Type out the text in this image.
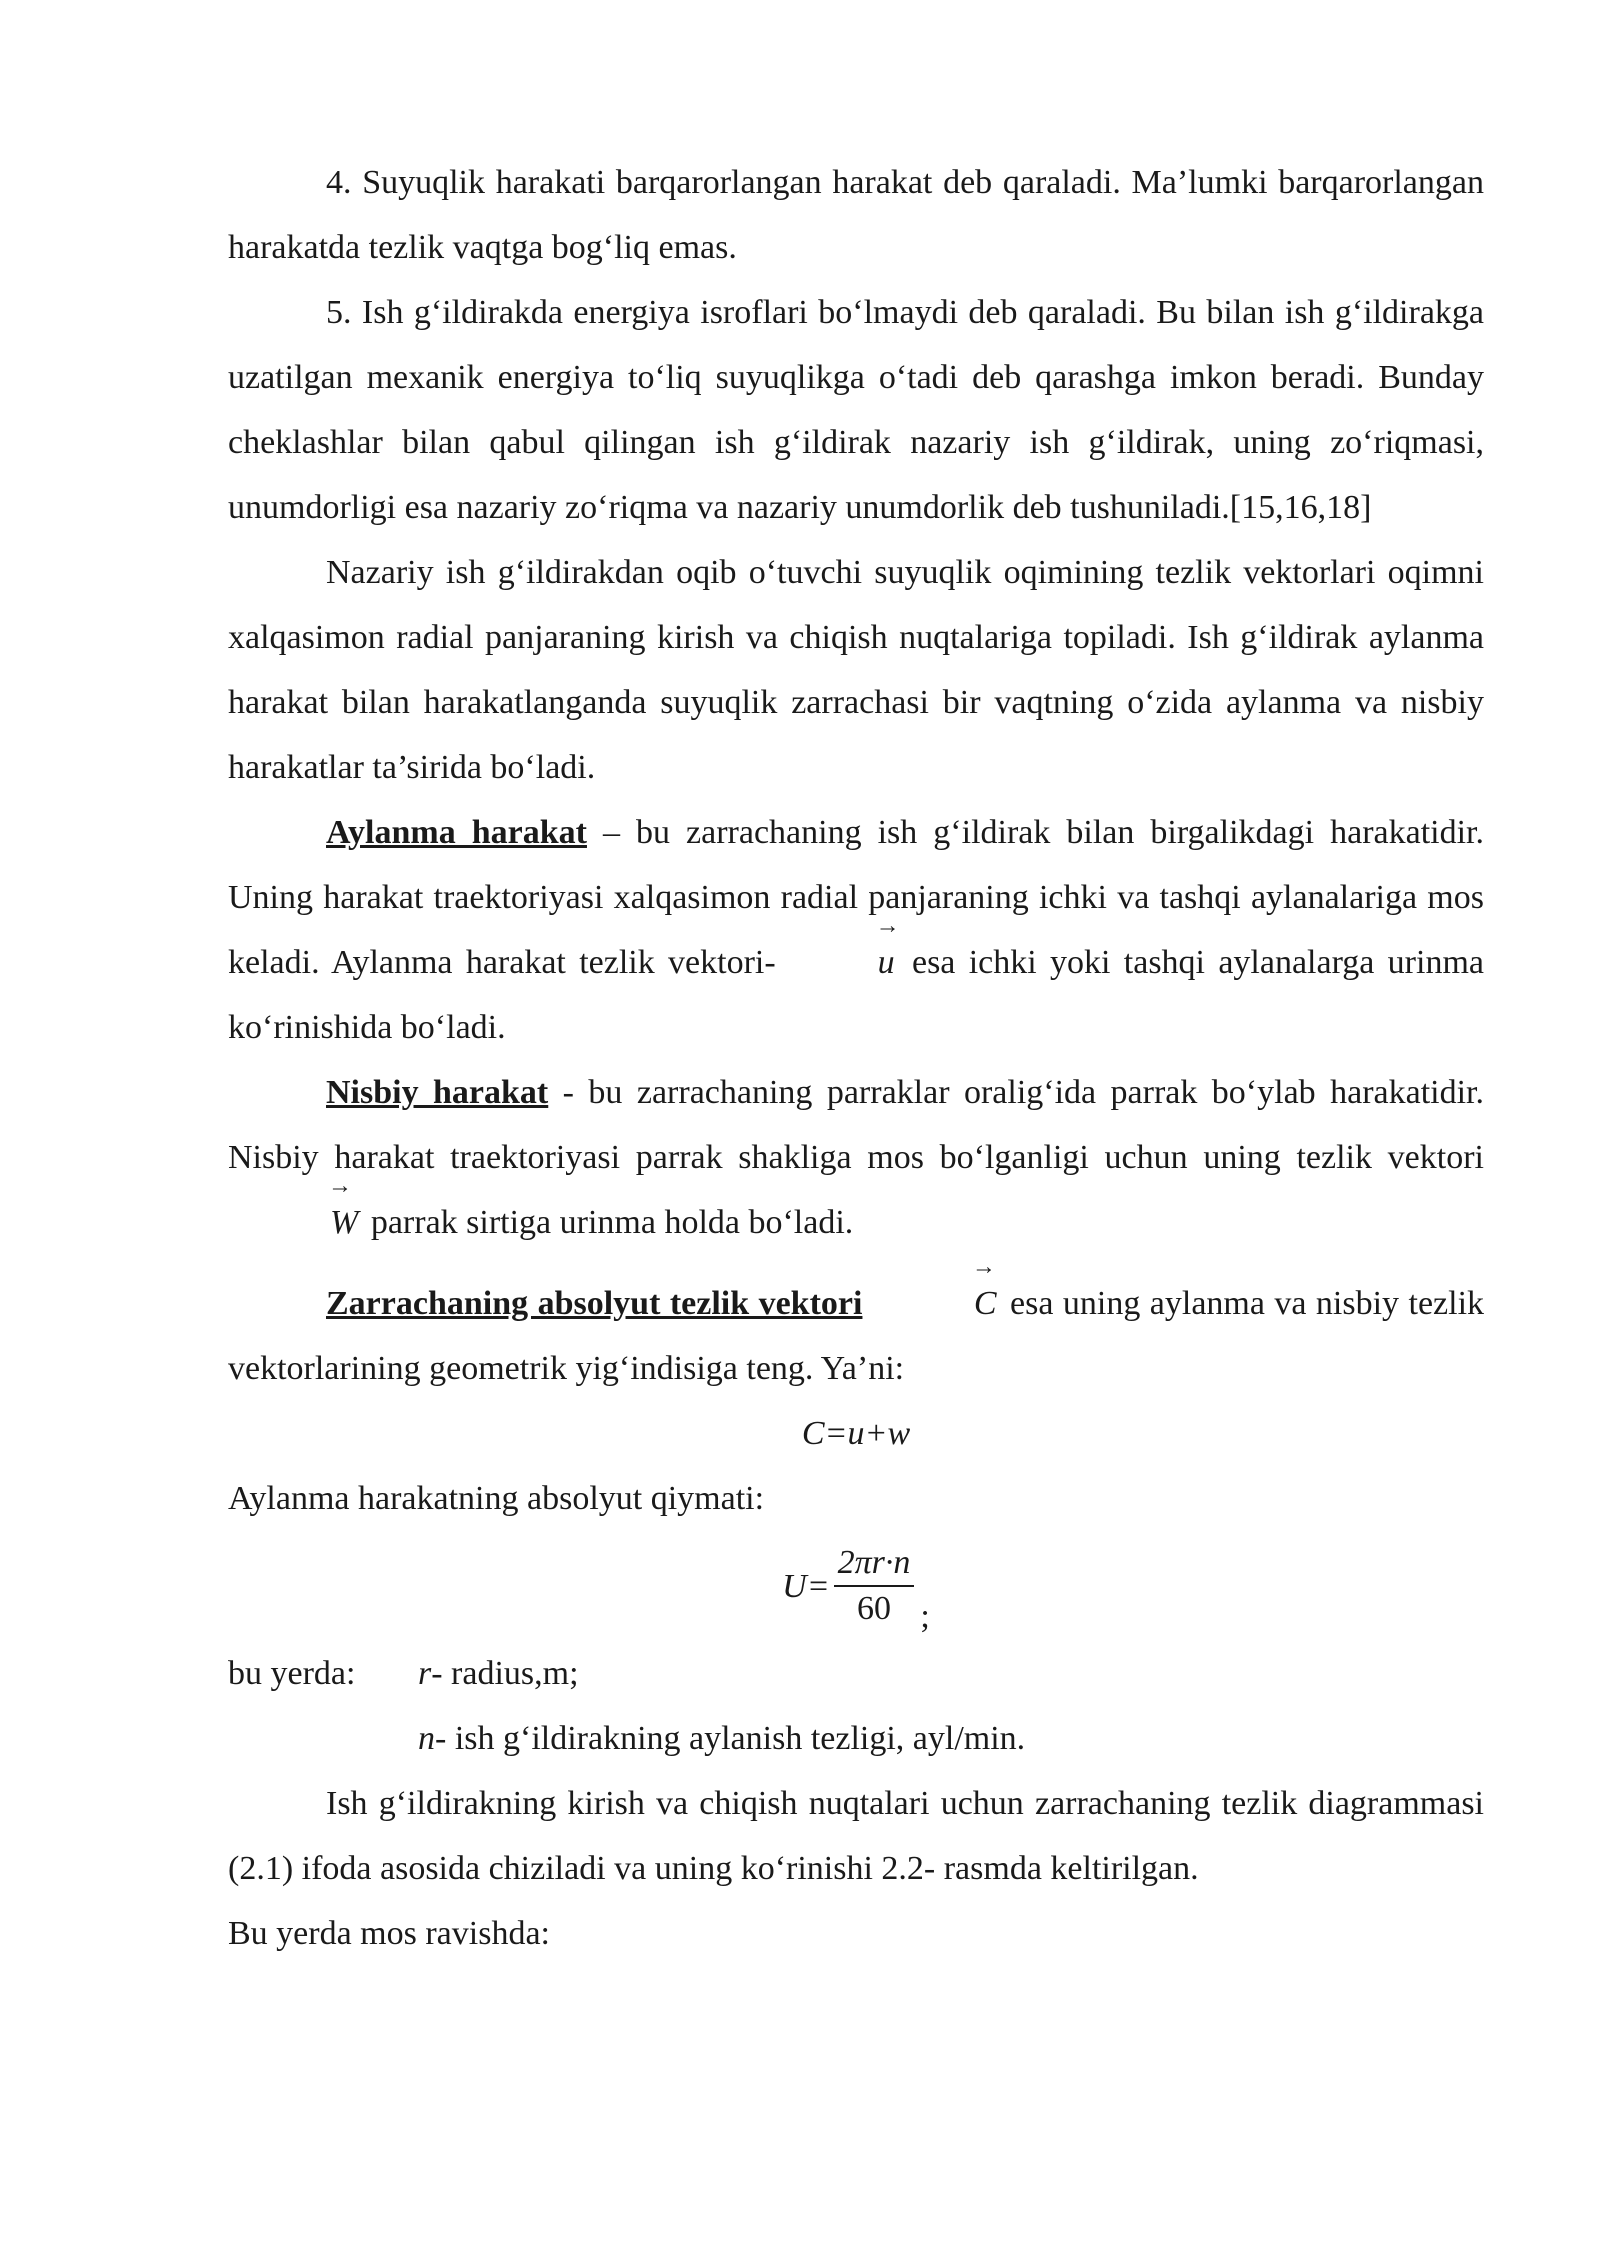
4. Suyuqlik harakati barqarorlangan harakat deb qaraladi. Ma’lumki barqarorlangan harakatda tezlik vaqtga bog‘liq emas.

5. Ish g‘ildirakda energiya isroflari bo‘lmaydi deb qaraladi. Bu bilan ish g‘ildirakga uzatilgan mexanik energiya to‘liq suyuqlikga o‘tadi deb qarashga imkon beradi. Bunday cheklashlar bilan qabul qilingan ish g‘ildirak nazariy ish g‘ildirak, uning zo‘riqmasi, unumdorligi esa nazariy zo‘riqma va nazariy unumdorlik deb tushuniladi.[15,16,18]

Nazariy ish g‘ildirakdan oqib o‘tuvchi suyuqlik oqimining tezlik vektorlari oqimni xalqasimon radial panjaraning kirish va chiqish nuqtalariga topiladi. Ish g‘ildirak aylanma harakat bilan harakatlanganda suyuqlik zarrachasi bir vaqtning o‘zida aylanma va nisbiy harakatlar ta’sirida bo‘ladi.

Aylanma harakat – bu zarrachaning ish g‘ildirak bilan birgalikdagi harakatidir. Uning harakat traektoriyasi xalqasimon radial panjaraning ichki va tashqi aylanalariga mos keladi. Aylanma harakat tezlik vektori-
→
u esa ichki yoki tashqi aylanalarga urinma ko‘rinishida bo‘ladi.

Nisbiy harakat - bu zarrachaning parraklar oralig‘ida parrak bo‘ylab harakatidir. Nisbiy harakat traektoriyasi parrak shakliga mos bo‘lganligi uchun uning tezlik vektori
→
W parrak sirtiga urinma holda bo‘ladi.

Zarrachaning absolyut tezlik vektori
→
C esa uning aylanma va nisbiy tezlik vektorlarining geometrik yig‘indisiga teng. Ya’ni:

C=u+w

Aylanma harakatning absolyut qiymati:

$U= \frac{2\pi r\cdot n}{60}$ ;
bu yerda:	r- radius,m;
n- ish g‘ildirakning aylanish tezligi, ayl/min.

Ish g‘ildirakning kirish va chiqish nuqtalari uchun zarrachaning tezlik diagrammasi (2.1) ifoda asosida chiziladi va uning ko‘rinishi 2.2- rasmda keltirilgan.

Bu yerda mos ravishda:
